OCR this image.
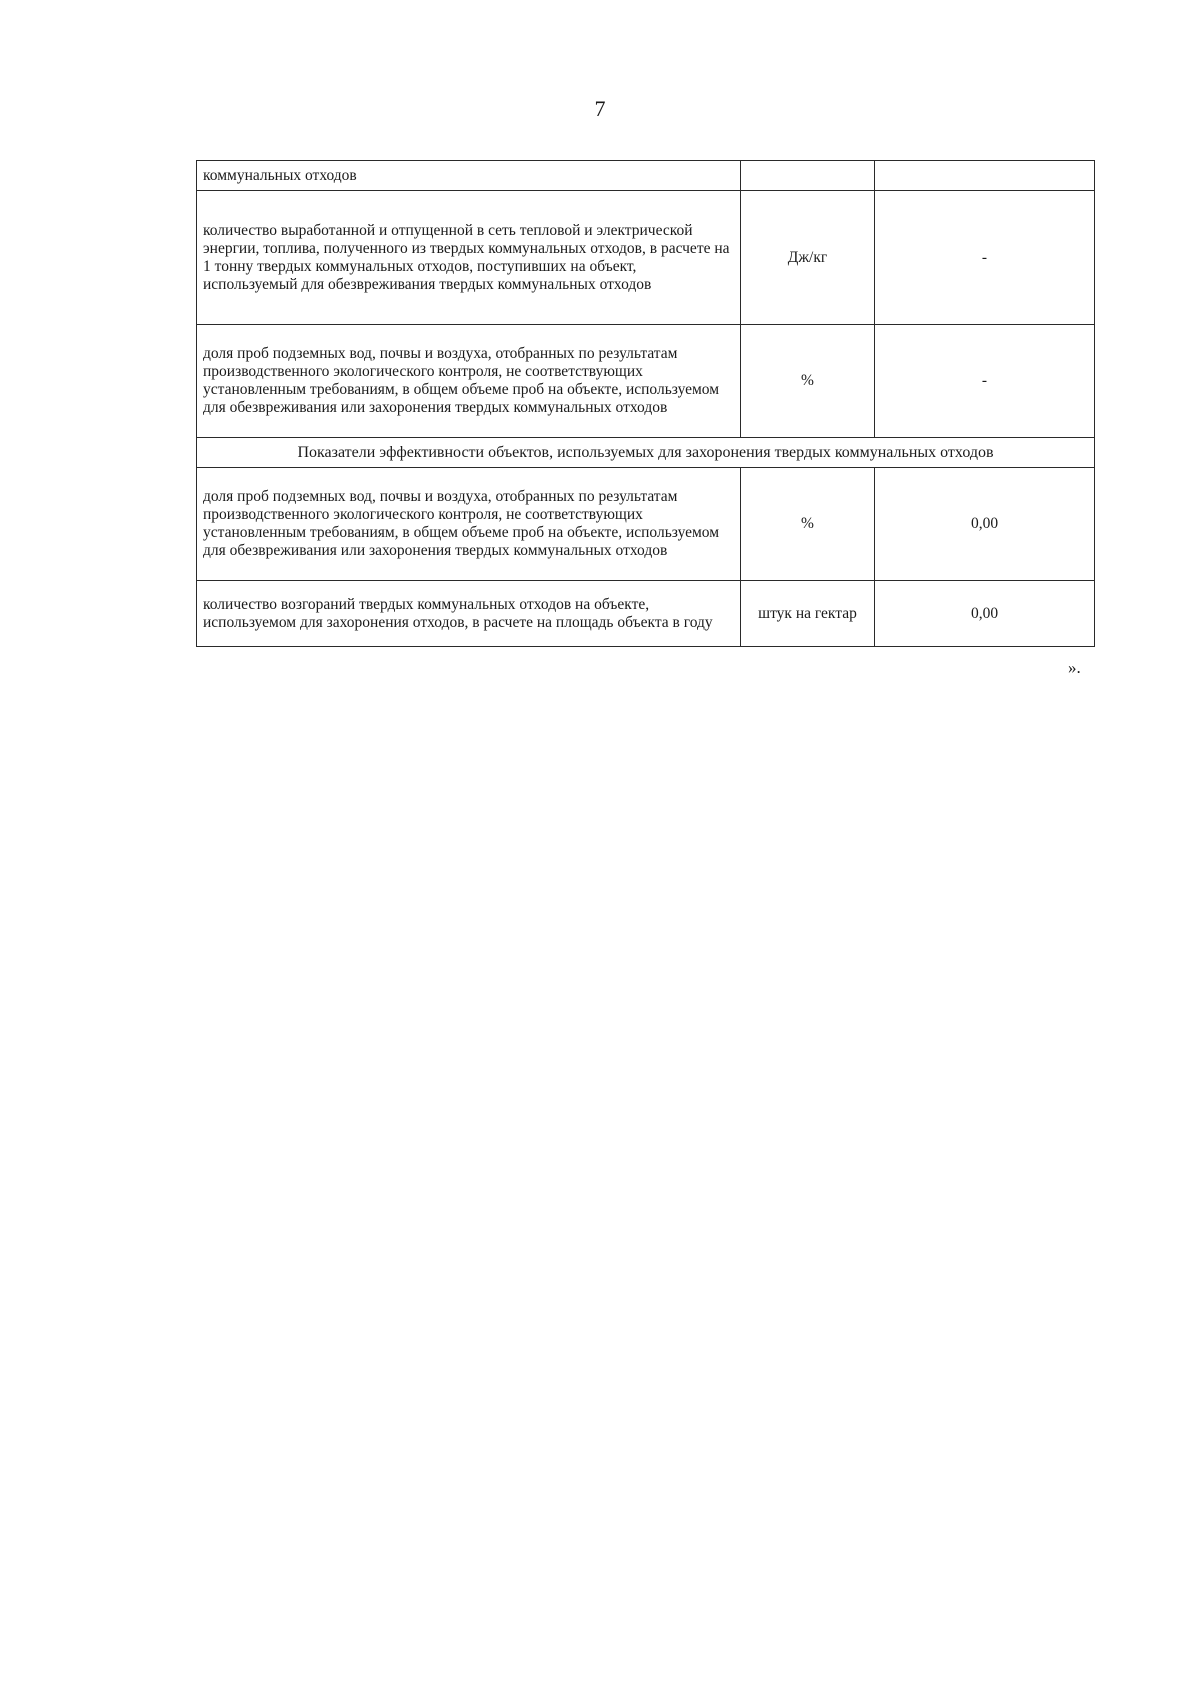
7
коммунальных отходов		
количество выработанной и отпущенной в сеть тепловой и электрической энергии, топлива, полученного из твердых коммунальных отходов, в расчете на 1 тонну твердых коммунальных отходов, поступивших на объект, используемый для обезвреживания твердых коммунальных отходов	Дж/кг	-
доля проб подземных вод, почвы и воздуха, отобранных по результатам производственного экологического контроля, не соответствующих установленным требованиям, в общем объеме проб на объекте, используемом для обезвреживания или захоронения твердых коммунальных отходов	%	-
Показатели эффективности объектов, используемых для захоронения твердых коммунальных отходов		
доля проб подземных вод, почвы и воздуха, отобранных по результатам производственного экологического контроля, не соответствующих установленным требованиям, в общем объеме проб на объекте, используемом для обезвреживания или захоронения твердых коммунальных отходов	%	0,00
количество возгораний твердых коммунальных отходов на объекте, используемом для захоронения отходов, в расчете на площадь объекта в году	штук на гектар	0,00
».
